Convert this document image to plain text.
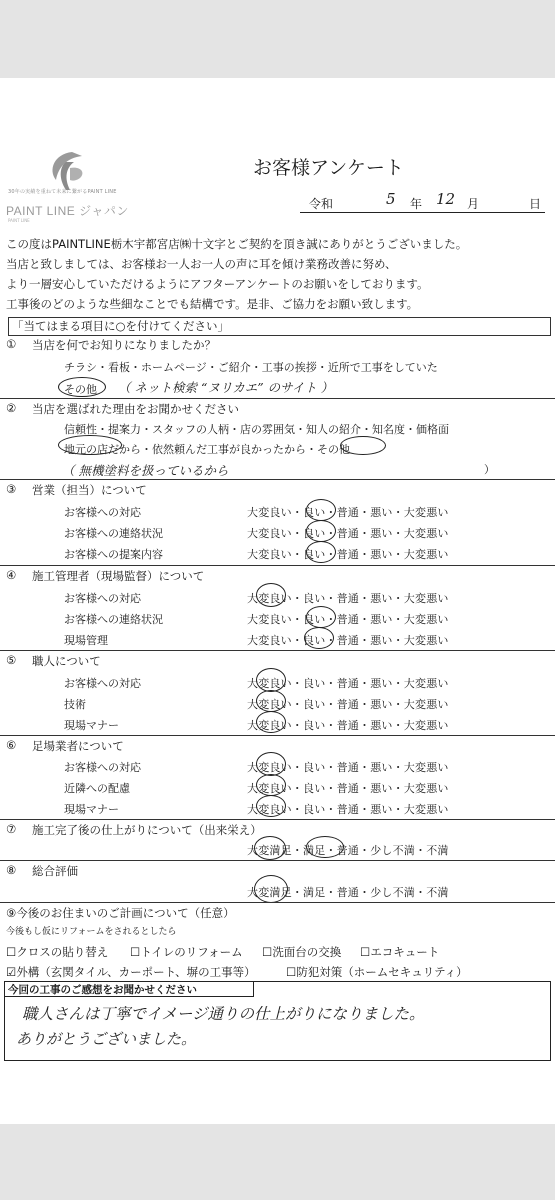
30年の実績を重ねて未来に繋がるPAINT LINE
PAINT LINE ジャパン
PAINT LINE
お客様アンケート
令和	5 年 12 月	日
この度はPAINTLINE栃木宇都宮店㈱十文字とご契約を頂き誠にありがとうございました。
当店と致しましては、お客様お一人お一人の声に耳を傾け業務改善に努め、
より一層安心していただけるようにアフターアンケートのお願いをしております。
工事後のどのような些細なことでも結構です。是非、ご協力をお願い致します。
「当てはまる項目に○を付けてください」
① 当店を何でお知りになりましたか？
チラシ・看板・ホームページ・ご紹介・工事の挨拶・近所で工事をしていた
その他 （ ネット検索 “ヌリカエ” のサイト ）
② 当店を選ばれた理由をお聞かせください
信頼性・提案力・スタッフの人柄・店の雰囲気・知人の紹介・知名度・価格面
地元の店だから・依然頼んだ工事が良かったから・その他
（ 無機塗料を扱っているから	）
③ 営業（担当）について
お客様への対応	大変良い・良い・普通・悪い・大変悪い
お客様への連絡状況	大変良い・良い・普通・悪い・大変悪い
お客様への提案内容	大変良い・良い・普通・悪い・大変悪い
④ 施工管理者（現場監督）について
お客様への対応	大変良い・良い・普通・悪い・大変悪い
お客様への連絡状況	大変良い・良い・普通・悪い・大変悪い
現場管理	大変良い・良い・普通・悪い・大変悪い
⑤ 職人について
お客様への対応	大変良い・良い・普通・悪い・大変悪い
技術	大変良い・良い・普通・悪い・大変悪い
現場マナー	大変良い・良い・普通・悪い・大変悪い
⑥ 足場業者について
お客様への対応	大変良い・良い・普通・悪い・大変悪い
近隣への配慮	大変良い・良い・普通・悪い・大変悪い
現場マナー	大変良い・良い・普通・悪い・大変悪い
⑦ 施工完了後の仕上がりについて（出来栄え）
大変満足・満足・普通・少し不満・不満
⑧ 総合評価
大変満足・満足・普通・少し不満・不満
⑨今後のお住まいのご計画について（任意）
今後もし仮にリフォームをされるとしたら
☐クロスの貼り替え ☐トイレのリフォーム ☐洗面台の交換 ☐エコキュート
☑外構（玄関タイル、カーポート、塀の工事等）	☐防犯対策（ホームセキュリティ）
今回の工事のご感想をお聞かせください
職人さんは丁寧でイメージ通りの仕上がりになりました。
ありがとうございました。
